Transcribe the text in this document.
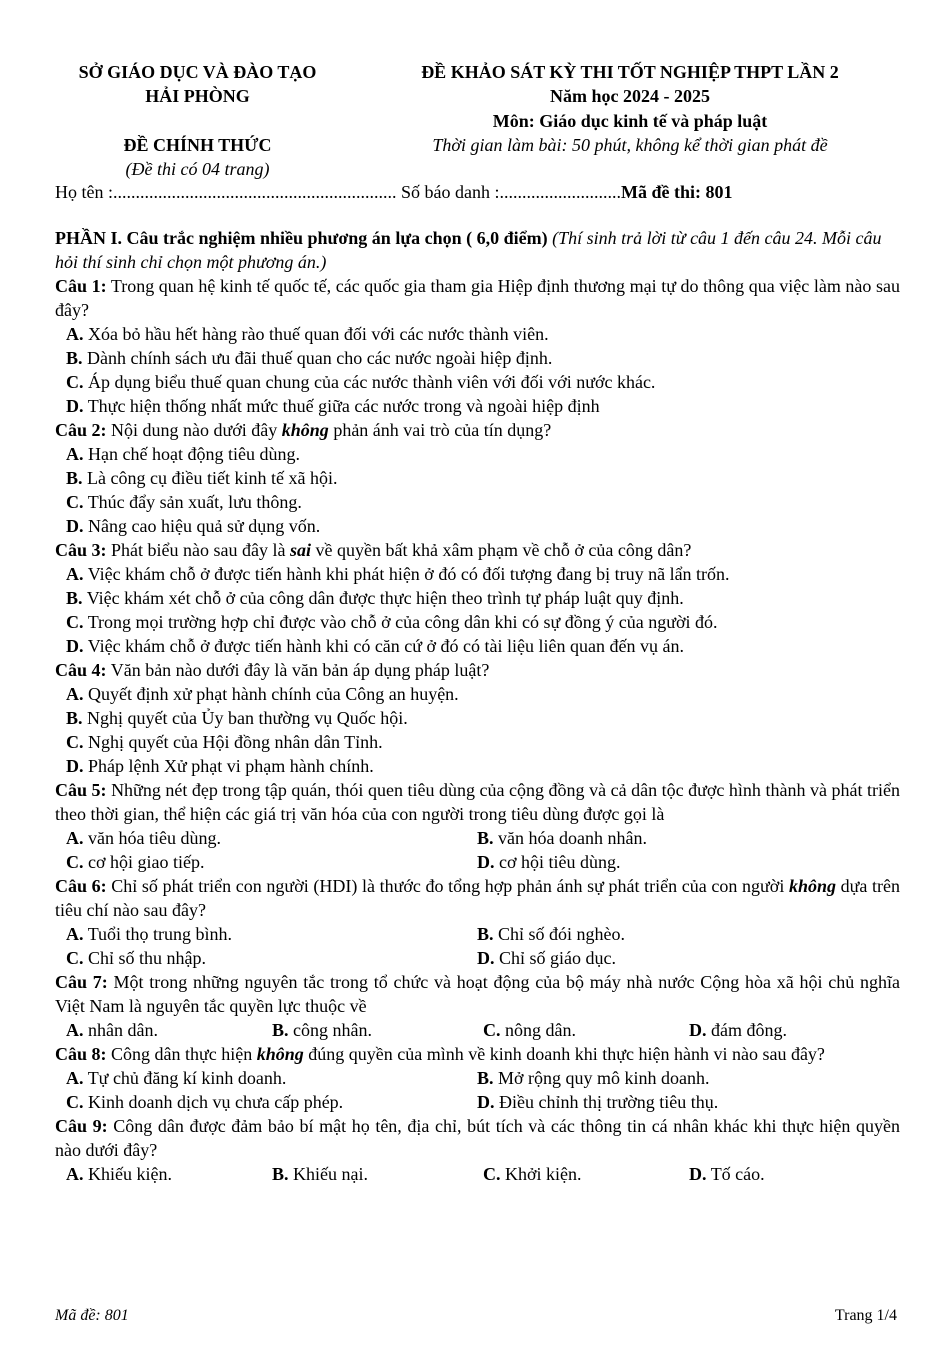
SỞ GIÁO DỤC VÀ ĐÀO TẠO
HẢI PHÒNG
ĐỀ CHÍNH THỨC
(Đề thi có 04 trang)
ĐỀ KHẢO SÁT KỲ THI TỐT NGHIỆP THPT LẦN 2
Năm học 2024 - 2025
Môn: Giáo dục kinh tế và pháp luật
Thời gian làm bài: 50 phút, không kể thời gian phát đề
Họ tên :............................................................... Số báo danh :...........................Mã đề thi: 801

PHẦN I. Câu trắc nghiệm nhiều phương án lựa chọn ( 6,0 điểm) (Thí sinh trả lời từ câu 1 đến câu 24. Mỗi câu hỏi thí sinh chỉ chọn một phương án.)

Câu 1: Trong quan hệ kinh tế quốc tế, các quốc gia tham gia Hiệp định thương mại tự do thông qua việc làm nào sau đây?

A. Xóa bỏ hầu hết hàng rào thuế quan đối với các nước thành viên.

B. Dành chính sách ưu đãi thuế quan cho các nước ngoài hiệp định.

C. Áp dụng biểu thuế quan chung của các nước thành viên với đối với nước khác.

D. Thực hiện thống nhất mức thuế giữa các nước trong và ngoài hiệp định

Câu 2: Nội dung nào dưới đây không phản ánh vai trò của tín dụng?

A. Hạn chế hoạt động tiêu dùng.

B. Là công cụ điều tiết kinh tế xã hội.

C. Thúc đẩy sản xuất, lưu thông.

D. Nâng cao hiệu quả sử dụng vốn.

Câu 3: Phát biểu nào sau đây là sai về quyền bất khả xâm phạm về chỗ ở của công dân?

A. Việc khám chỗ ở được tiến hành khi phát hiện ở đó có đối tượng đang bị truy nã lẩn trốn.

B. Việc khám xét chỗ ở của công dân được thực hiện theo trình tự pháp luật quy định.

C. Trong mọi trường hợp chỉ được vào chỗ ở của công dân khi có sự đồng ý của người đó.

D. Việc khám chỗ ở được tiến hành khi có căn cứ ở đó có tài liệu liên quan đến vụ án.

Câu 4: Văn bản nào dưới đây là văn bản áp dụng pháp luật?

A. Quyết định xử phạt hành chính của Công an huyện.

B. Nghị quyết của Ủy ban thường vụ Quốc hội.

C. Nghị quyết của Hội đồng nhân dân Tỉnh.

D. Pháp lệnh Xử phạt vi phạm hành chính.

Câu 5: Những nét đẹp trong tập quán, thói quen tiêu dùng của cộng đồng và cả dân tộc được hình thành và phát triển theo thời gian, thể hiện các giá trị văn hóa của con người trong tiêu dùng được gọi là

A. văn hóa tiêu dùng.	B. văn hóa doanh nhân.
C. cơ hội giao tiếp.	D. cơ hội tiêu dùng.

Câu 6: Chỉ số phát triển con người (HDI) là thước đo tổng hợp phản ánh sự phát triển của con người không dựa trên tiêu chí nào sau đây?

A. Tuổi thọ trung bình.	B. Chỉ số đói nghèo.
C. Chỉ số thu nhập.	D. Chỉ số giáo dục.

Câu 7: Một trong những nguyên tắc trong tổ chức và hoạt động của bộ máy nhà nước Cộng hòa xã hội chủ nghĩa Việt Nam là nguyên tắc quyền lực thuộc về

A. nhân dân.	B. công nhân.	C. nông dân.	D. đám đông.

Câu 8: Công dân thực hiện không đúng quyền của mình về kinh doanh khi thực hiện hành vi nào sau đây?

A. Tự chủ đăng kí kinh doanh.	B. Mở rộng quy mô kinh doanh.
C. Kinh doanh dịch vụ chưa cấp phép.	D. Điều chỉnh thị trường tiêu thụ.

Câu 9: Công dân được đảm bảo bí mật họ tên, địa chỉ, bút tích và các thông tin cá nhân khác khi thực hiện quyền nào dưới đây?

A. Khiếu kiện.	B. Khiếu nại.	C. Khởi kiện.	D. Tố cáo.
Mã đề: 801	Trang 1/4
